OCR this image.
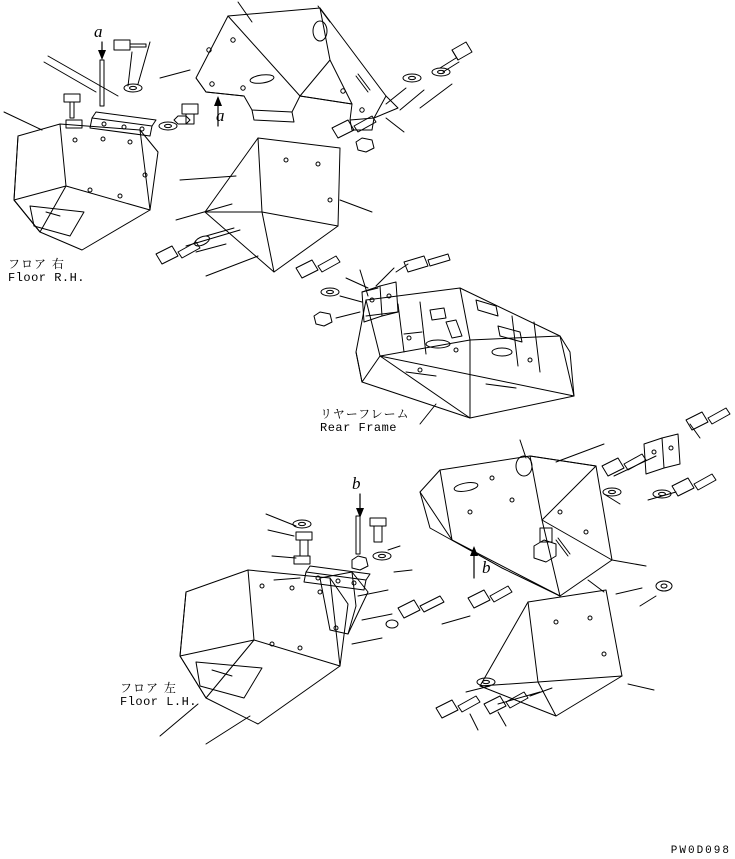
フロア 右
Floor R.H.
リヤーフレーム
Rear Frame
フロア 左
Floor L.H.
a
a
b
b
PW0D098
